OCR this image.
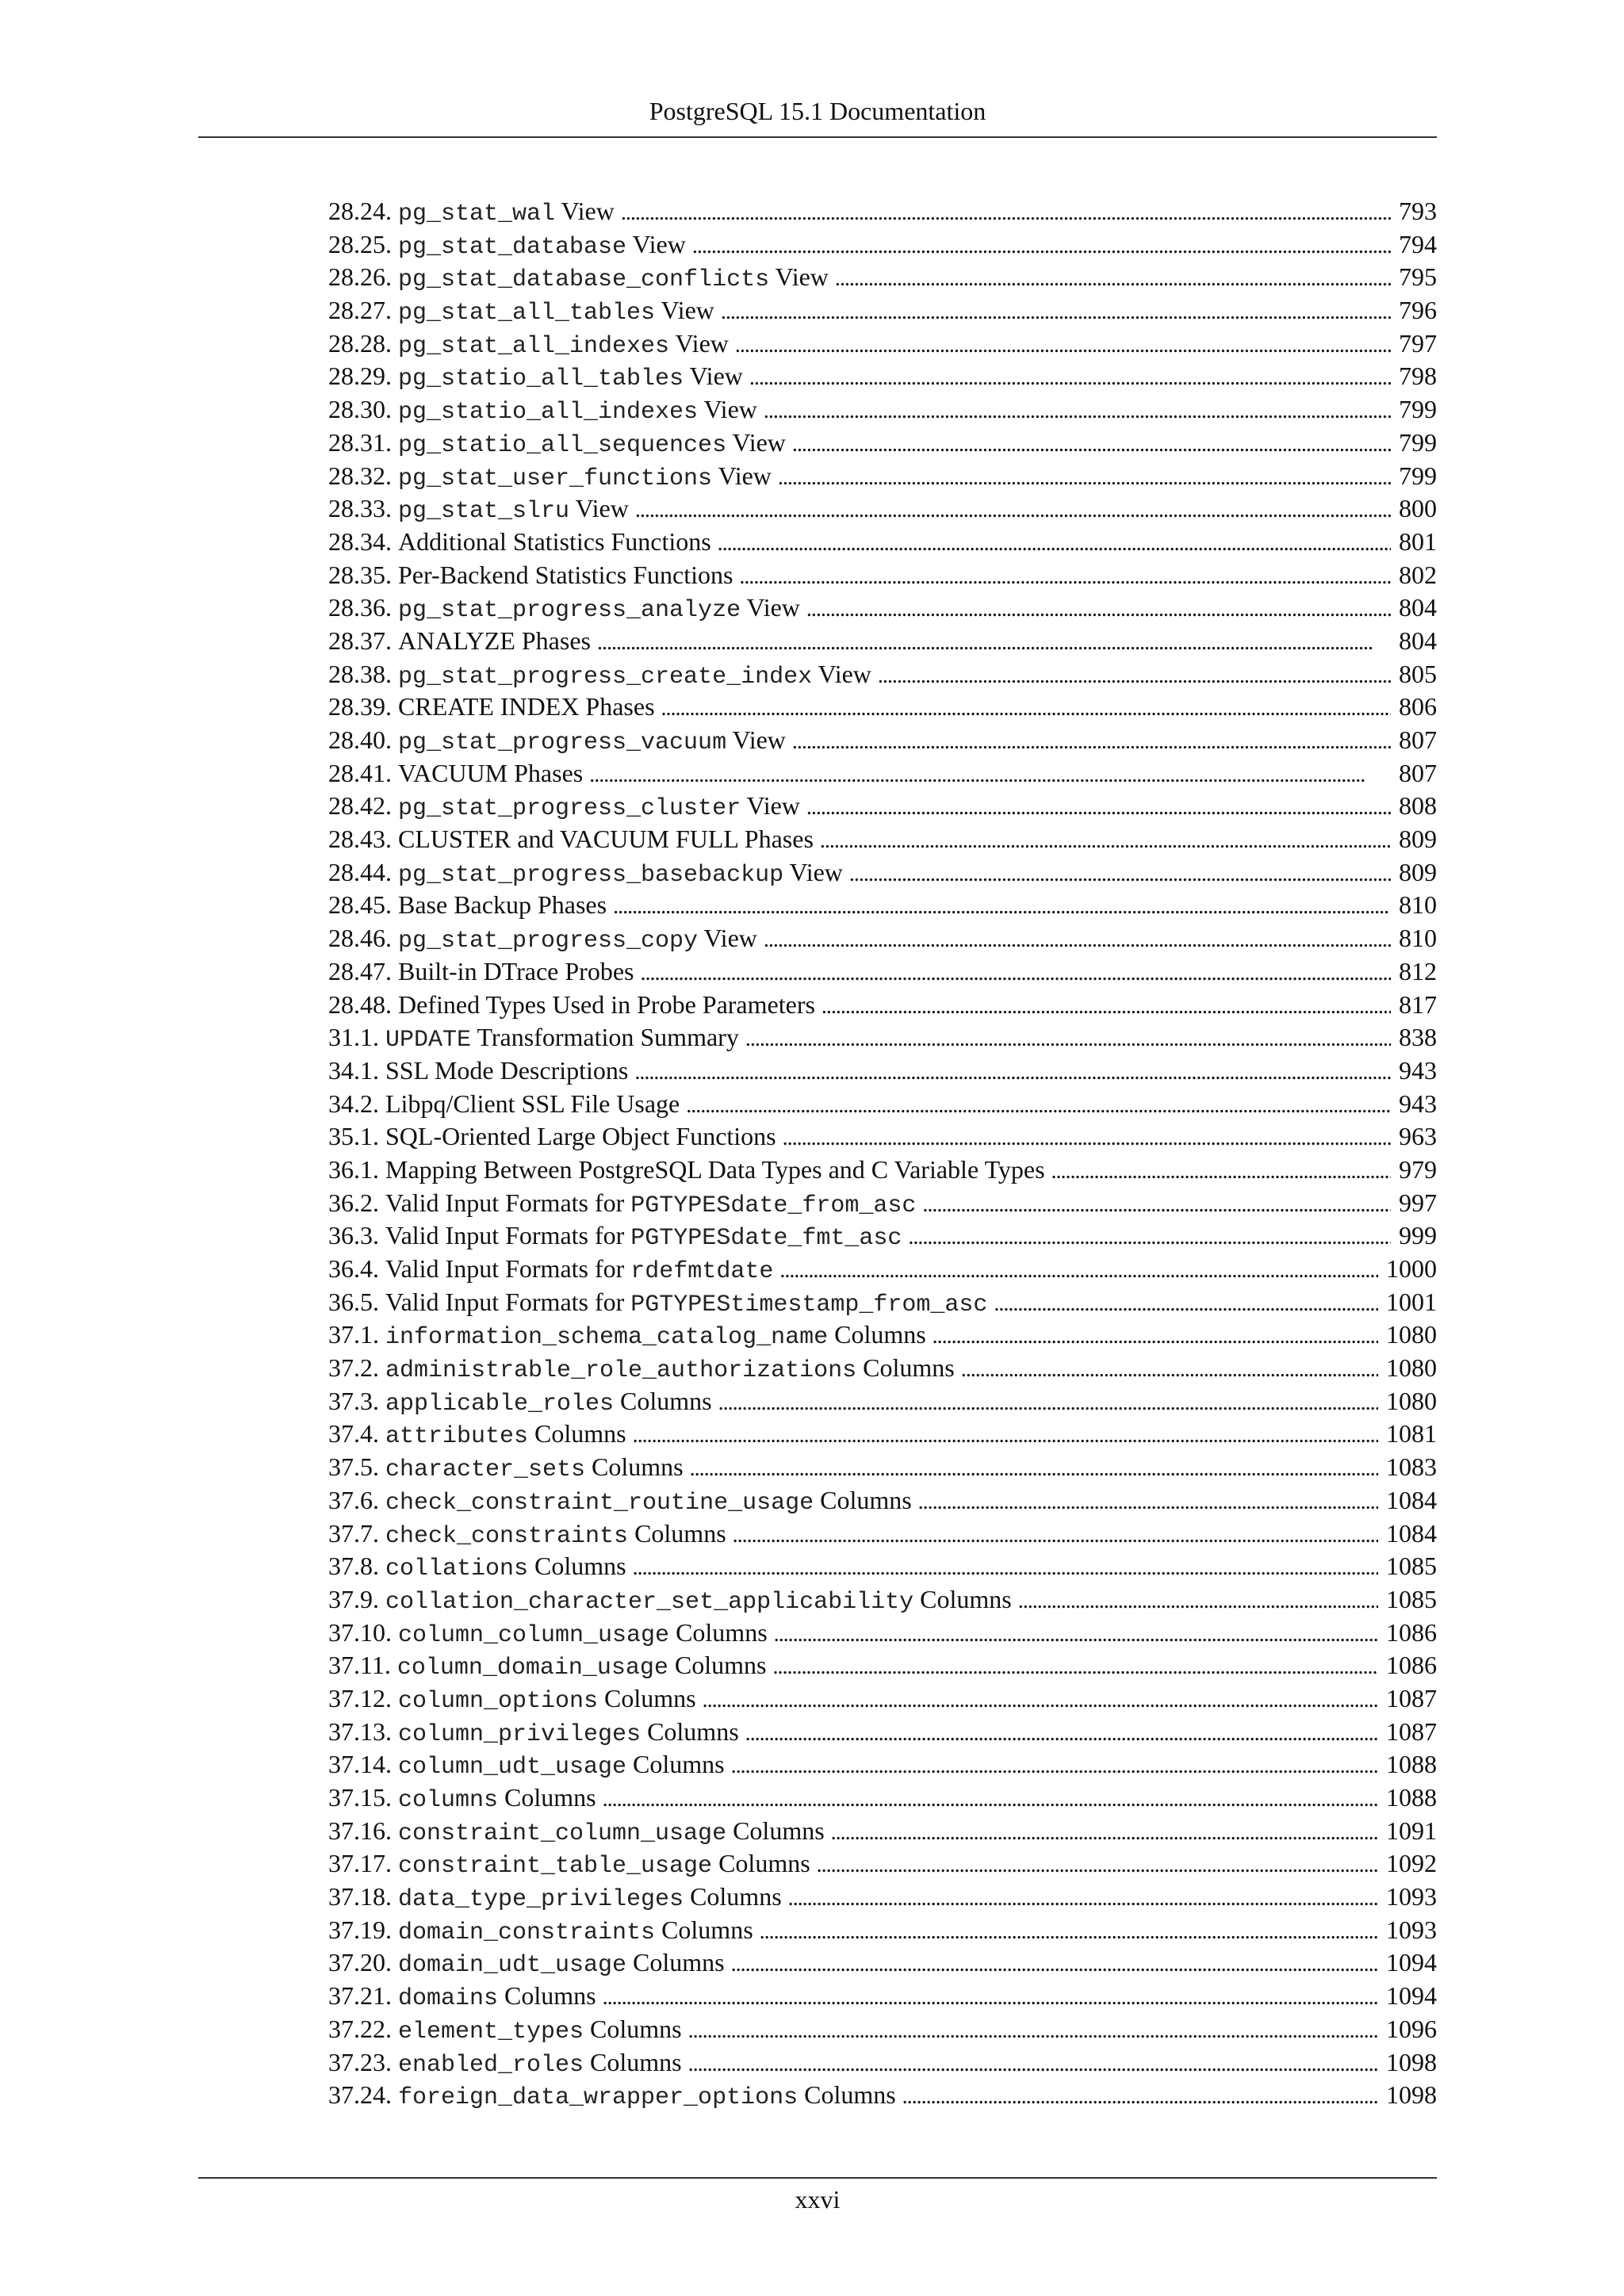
PostgreSQL 15.1 Documentation
28.24. pg_stat_wal View . . .	793
28.25. pg_stat_database View . . .	794
28.26. pg_stat_database_conflicts View . . .	795
28.27. pg_stat_all_tables View . . .	796
28.28. pg_stat_all_indexes View . . .	797
28.29. pg_statio_all_tables View . . .	798
28.30. pg_statio_all_indexes View . . .	799
28.31. pg_statio_all_sequences View . . .	799
28.32. pg_stat_user_functions View . . .	799
28.33. pg_stat_slru View . . .	800
28.34. Additional Statistics Functions . . .	801
28.35. Per-Backend Statistics Functions . . .	802
28.36. pg_stat_progress_analyze View . . .	804
28.37. ANALYZE Phases . . .	804
28.38. pg_stat_progress_create_index View . . .	805
28.39. CREATE INDEX Phases . . .	806
28.40. pg_stat_progress_vacuum View . . .	807
28.41. VACUUM Phases . . .	807
28.42. pg_stat_progress_cluster View . . .	808
28.43. CLUSTER and VACUUM FULL Phases . . .	809
28.44. pg_stat_progress_basebackup View . . .	809
28.45. Base Backup Phases . . .	810
28.46. pg_stat_progress_copy View . . .	810
28.47. Built-in DTrace Probes . . .	812
28.48. Defined Types Used in Probe Parameters . . .	817
31.1. UPDATE Transformation Summary . . .	838
34.1. SSL Mode Descriptions . . .	943
34.2. Libpq/Client SSL File Usage . . .	943
35.1. SQL-Oriented Large Object Functions . . .	963
36.1. Mapping Between PostgreSQL Data Types and C Variable Types . . .	979
36.2. Valid Input Formats for PGTYPESdate_from_asc . . .	997
36.3. Valid Input Formats for PGTYPESdate_fmt_asc . . .	999
36.4. Valid Input Formats for rdefmtdate . . .	1000
36.5. Valid Input Formats for PGTYPEStimestamp_from_asc . . .	1001
37.1. information_schema_catalog_name Columns . . .	1080
37.2. administrable_role_authorizations Columns . . .	1080
37.3. applicable_roles Columns . . .	1080
37.4. attributes Columns . . .	1081
37.5. character_sets Columns . . .	1083
37.6. check_constraint_routine_usage Columns . . .	1084
37.7. check_constraints Columns . . .	1084
37.8. collations Columns . . .	1085
37.9. collation_character_set_applicability Columns . . .	1085
37.10. column_column_usage Columns . . .	1086
37.11. column_domain_usage Columns . . .	1086
37.12. column_options Columns . . .	1087
37.13. column_privileges Columns . . .	1087
37.14. column_udt_usage Columns . . .	1088
37.15. columns Columns . . .	1088
37.16. constraint_column_usage Columns . . .	1091
37.17. constraint_table_usage Columns . . .	1092
37.18. data_type_privileges Columns . . .	1093
37.19. domain_constraints Columns . . .	1093
37.20. domain_udt_usage Columns . . .	1094
37.21. domains Columns . . .	1094
37.22. element_types Columns . . .	1096
37.23. enabled_roles Columns . . .	1098
37.24. foreign_data_wrapper_options Columns . . .	1098
xxvi
